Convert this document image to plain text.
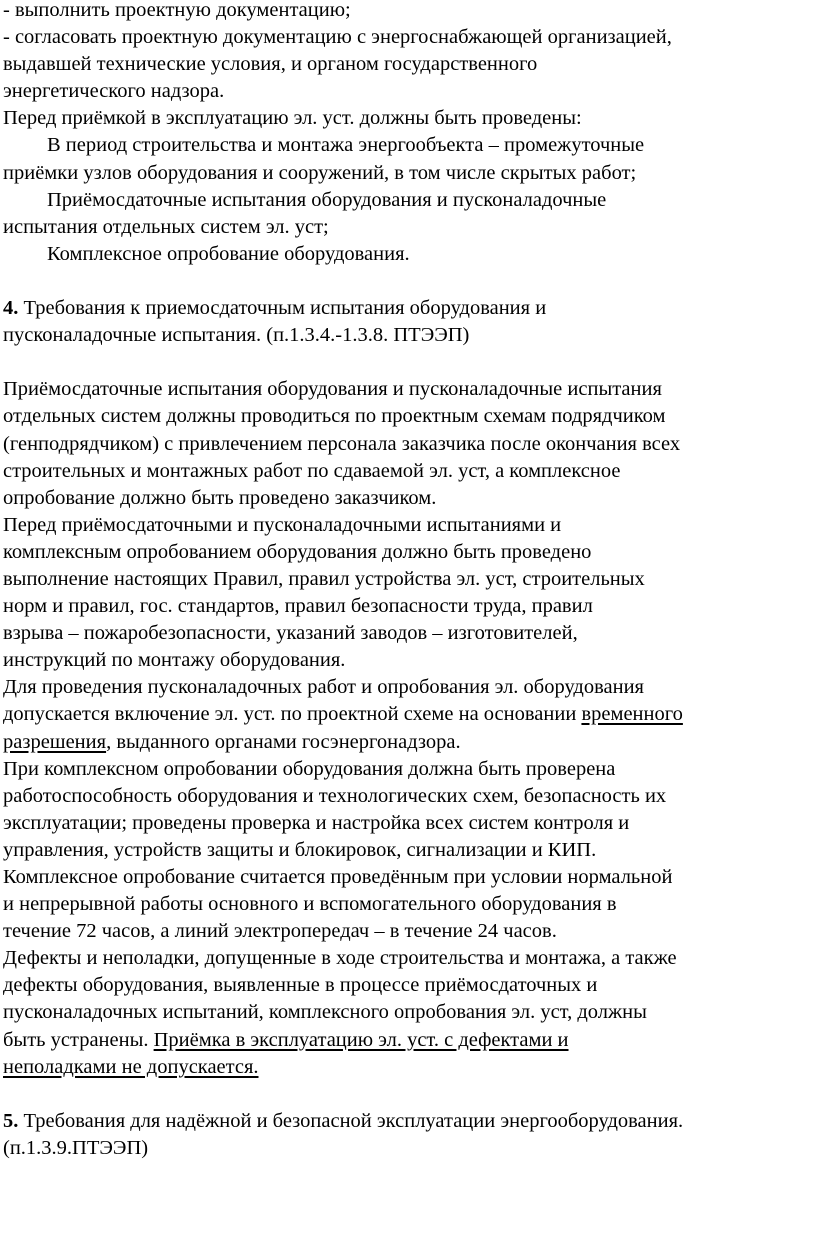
- выполнить проектную документацию;
- согласовать проектную документацию с энергоснабжающей организацией,
выдавшей технические условия, и органом государственного
энергетического надзора.
Перед приёмкой в эксплуатацию эл. уст. должны быть проведены:
В период строительства и монтажа энергообъекта – промежуточные
приёмки узлов оборудования и сооружений, в том числе скрытых работ;
Приёмосдаточные испытания оборудования и пусконаладочные
испытания отдельных систем эл. уст;
Комплексное опробование оборудования.
4. Требования к приемосдаточным испытания оборудования и
пусконаладочные испытания. (п.1.3.4.-1.3.8. ПТЭЭП)
Приёмосдаточные испытания оборудования и пусконаладочные испытания
отдельных систем должны проводиться по проектным схемам подрядчиком
(генподрядчиком) с привлечением персонала заказчика после окончания всех
строительных и монтажных работ по сдаваемой эл. уст, а комплексное
опробование должно быть проведено заказчиком.
Перед приёмосдаточными и пусконаладочными испытаниями и
комплексным опробованием оборудования должно быть проведено
выполнение настоящих Правил, правил устройства эл. уст, строительных
норм и правил, гос. стандартов, правил безопасности труда, правил
взрыва – пожаробезопасности, указаний заводов – изготовителей,
инструкций по монтажу оборудования.
Для проведения пусконаладочных работ и опробования эл. оборудования
допускается включение эл. уст. по проектной схеме на основании временного
разрешения, выданного органами госэнергонадзора.
При комплексном опробовании оборудования должна быть проверена
работоспособность оборудования и технологических схем, безопасность их
эксплуатации; проведены проверка и настройка всех систем контроля и
управления, устройств защиты и блокировок, сигнализации и КИП.
Комплексное опробование считается проведённым при условии нормальной
и непрерывной работы основного и вспомогательного оборудования в
течение 72 часов, а линий электропередач – в течение 24 часов.
Дефекты и неполадки, допущенные в ходе строительства и монтажа, а также
дефекты оборудования, выявленные в процессе приёмосдаточных и
пусконаладочных испытаний, комплексного опробования эл. уст, должны
быть устранены. Приёмка в эксплуатацию эл. уст. с дефектами и
неполадками не допускается.
5. Требования для надёжной и безопасной эксплуатации энергооборудования.
(п.1.3.9.ПТЭЭП)
